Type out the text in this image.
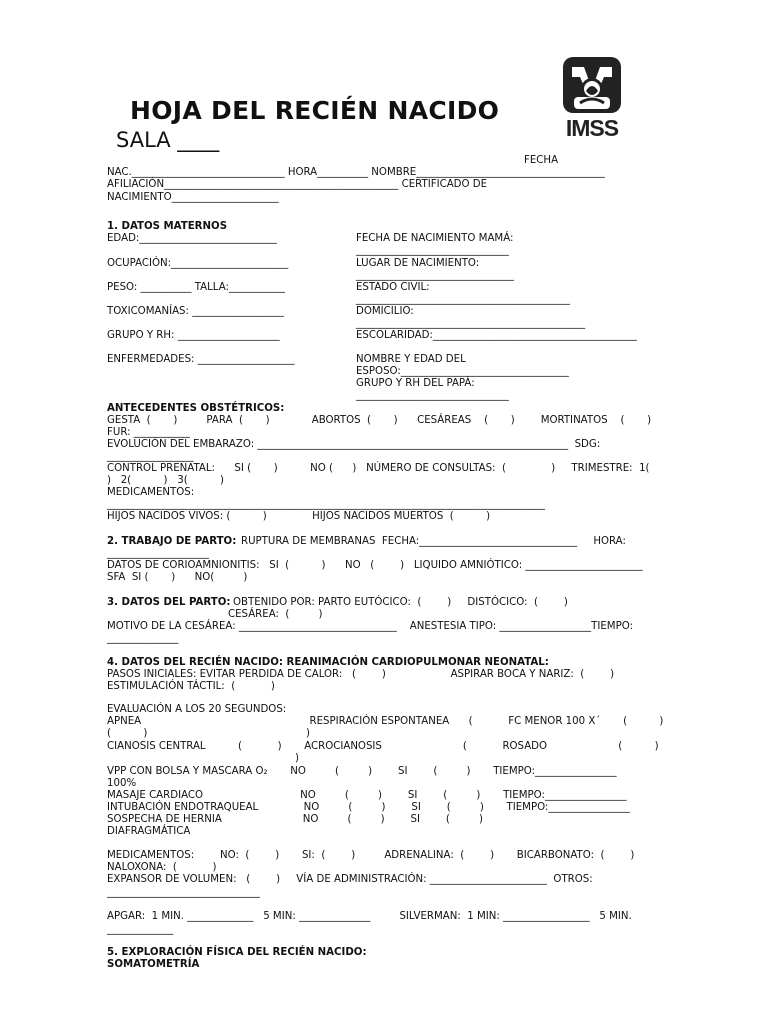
HOJA DEL RECIÉN NACIDO
SALA ____	IMSS
FECHA
NAC.______________________________ HORA__________ NOMBRE_____________________________________
AFILIACIÓN______________________________________________ CERTIFICADO DE
NACIMIENTO_____________________
1. DATOS MATERNOS
EDAD:___________________________	FECHA DE NACIMIENTO MAMÁ:
______________________________
OCUPACIÓN:_______________________	LUGAR DE NACIMIENTO:
_______________________________
PESO: __________ TALLA:___________	ESTADO CIVIL:
__________________________________________
TOXICOMANÍAS: __________________	DOMICILIO:
_____________________________________________
GRUPO Y RH: ____________________	ESCOLARIDAD:________________________________________
ENFERMEDADES: ___________________	NOMBRE Y EDAD DEL
ESPOSO:_________________________________
GRUPO Y RH DEL PAPÁ:
______________________________
ANTECEDENTES OBSTÉTRICOS:
GESTA  (       )         PARA  (       )             ABORTOS  (       )      CESÁREAS    (       )        MORTINATOS    (       )
FUR: ___________
EVOLUCIÓN DEL EMBARAZO: _____________________________________________________________  SDG:
_________________
CONTROL PRENATAL:      SI (       )          NO (      )   NÚMERO DE CONSULTAS:  (              )     TRIMESTRE:  1(
)   2(          )   3(          )
MEDICAMENTOS:
______________________________________________________________________________________
HIJOS NACIDOS VIVOS: (          )              HIJOS NACIDOS MUERTOS  (          )
2. TRABAJO DE PARTO: RUPTURA DE MEMBRANAS  FECHA:_______________________________     HORA:
____________________
DATOS DE CORIOAMNIONITIS:   SI  (          )      NO   (        )   LIQUIDO AMNIÓTICO: _______________________
SFA  SI (       )      NO(         )
3. DATOS DEL PARTO: OBTENIDO POR: PARTO EUTÓCICO:  (        )     DISTÓCICO:  (        )
CESÁREA:  (         )
MOTIVO DE LA CESÁREA: _______________________________    ANESTESIA TIPO: __________________TIEMPO:
______________
4. DATOS DEL RECIÉN NACIDO: REANIMACIÓN CARDIOPULMONAR NEONATAL:
PASOS INICIALES: EVITAR PERDIDA DE CALOR:   (        )                    ASPIRAR BOCA Y NARIZ:  (        )
ESTIMULACIÓN TÁCTIL:  (           )
EVALUACIÓN A LOS 20 SEGUNDOS:
APNEA                                                    RESPIRACIÓN ESPONTANEA      (           FC MENOR 100 X´       (          )
(          )                                                 )
CIANOSIS CENTRAL          (           )       ACROCIANOSIS                         (           ROSADO                      (          )
)
VPP CON BOLSA Y MASCARA O₂       NO         (         )        SI        (         )       TIEMPO:________________
100%
MASAJE CARDIACO                              NO         (         )        SI        (         )       TIEMPO:________________
INTUBACIÓN ENDOTRAQUEAL              NO         (         )        SI        (         )       TIEMPO:________________
SOSPECHA DE HERNIA                         NO         (         )        SI        (         )
DIAFRAGMÁTICA
MEDICAMENTOS:        NO:  (        )       SI:  (        )         ADRENALINA:  (        )       BICARBONATO:  (        )
NALOXONA:  (           )
EXPANSOR DE VOLUMEN:   (        )     VÍA DE ADMINISTRACIÓN: _______________________  OTROS:
______________________________
APGAR:  1 MIN. _____________   5 MIN: ______________         SILVERMAN:  1 MIN: _________________   5 MIN.
_____________
5. EXPLORACIÓN FÍSICA DEL RECIÉN NACIDO:
SOMATOMETRÍA
